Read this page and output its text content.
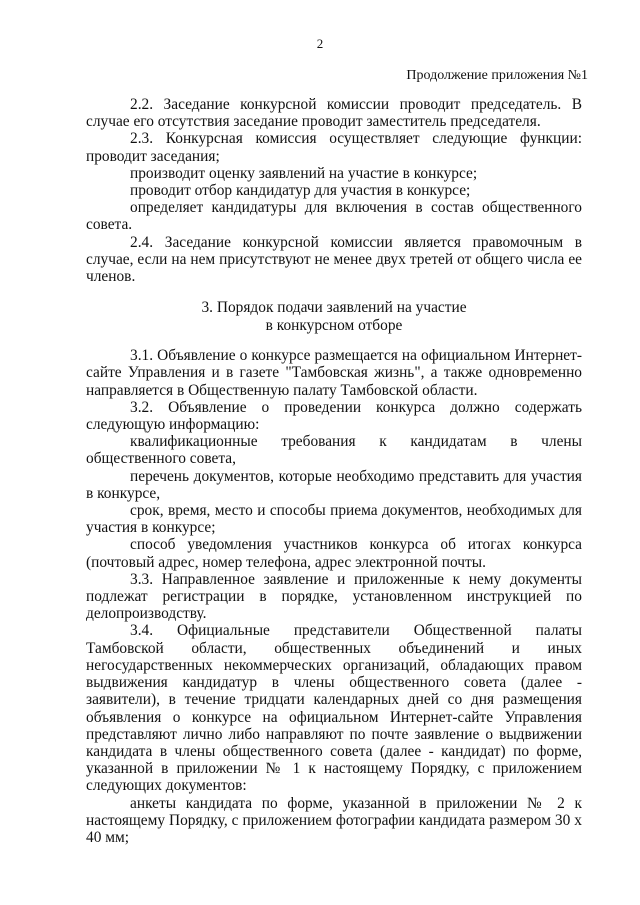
2
Продолжение приложения №1

2.2. Заседание конкурсной комиссии проводит председатель. В случае его отсутствия заседание проводит заместитель председателя.

2.3. Конкурсная комиссия осуществляет следующие функции: проводит заседания;

производит оценку заявлений на участие в конкурсе;

проводит отбор кандидатур для участия в конкурсе;

определяет кандидатуры для включения в состав общественного совета.

2.4. Заседание конкурсной комиссии является правомочным в случае, если на нем присутствуют не менее двух третей от общего числа ее членов.

3. Порядок подачи заявлений на участие
в конкурсном отборе

3.1. Объявление о конкурсе размещается на официальном Интернет-сайте Управления и в газете "Тамбовская жизнь", а также одновременно направляется в Общественную палату Тамбовской области.

3.2. Объявление о проведении конкурса должно содержать следующую информацию:

квалификационные требования к кандидатам в члены общественного совета,

перечень документов, которые необходимо представить для участия в конкурсе,

срок, время, место и способы приема документов, необходимых для участия в конкурсе;

способ уведомления участников конкурса об итогах конкурса (почтовый адрес, номер телефона, адрес электронной почты.

3.3. Направленное заявление и приложенные к нему документы подлежат регистрации в порядке, установленном инструкцией по делопроизводству.

3.4. Официальные представители Общественной палаты Тамбовской области, общественных объединений и иных негосударственных некоммерческих организаций, обладающих правом выдвижения кандидатур в члены общественного совета (далее - заявители), в течение тридцати календарных дней со дня размещения объявления о конкурсе на официальном Интернет-сайте Управления представляют лично либо направляют по почте заявление о выдвижении кандидата в члены общественного совета (далее - кандидат) по форме, указанной в приложении № 1 к настоящему Порядку, с приложением следующих документов:

анкеты кандидата по форме, указанной в приложении № 2 к настоящему Порядку, с приложением фотографии кандидата размером 30 х 40 мм;
